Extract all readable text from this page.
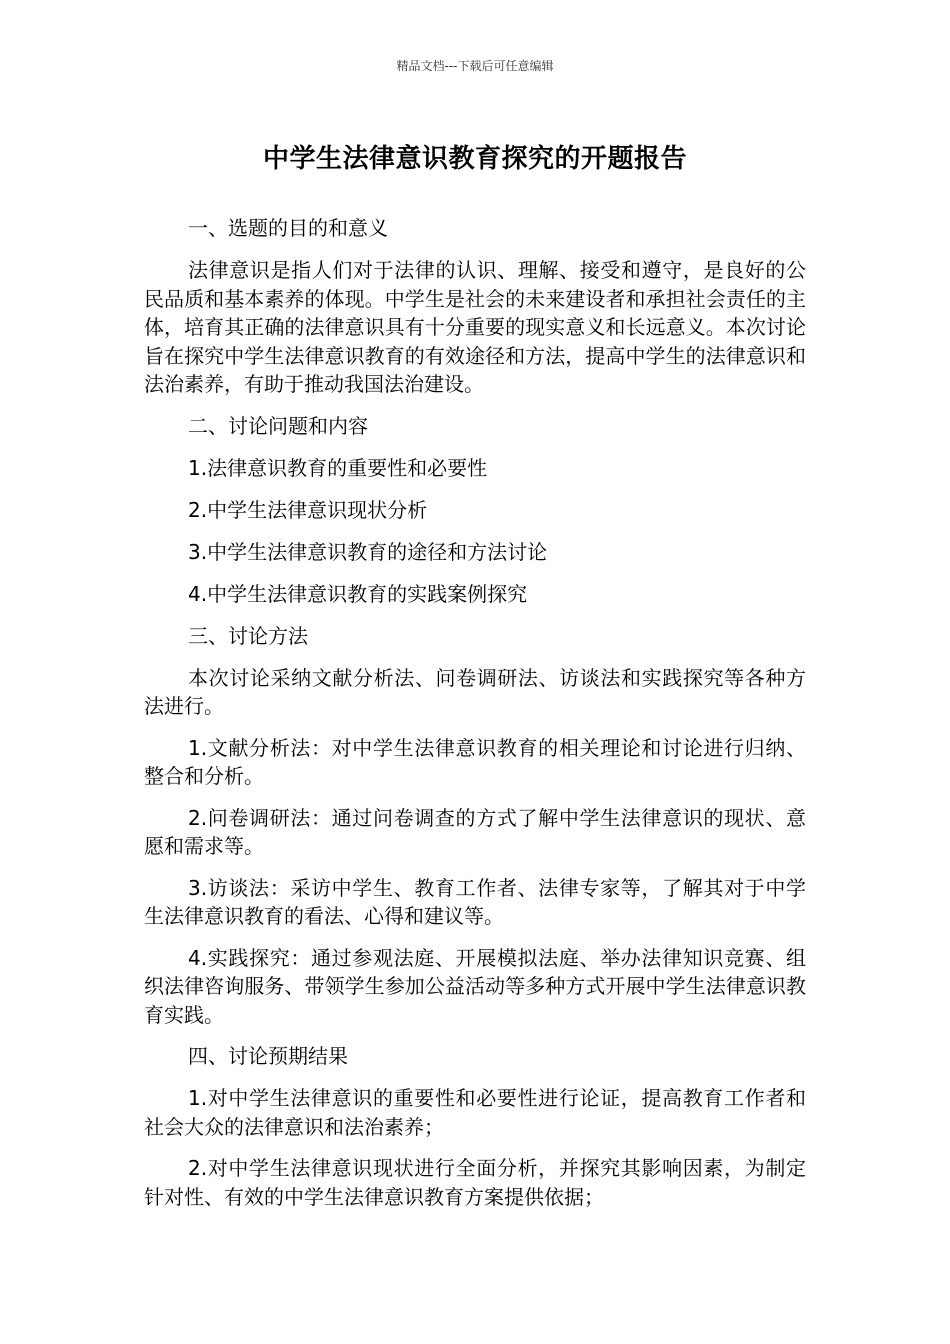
精品文档---下载后可任意编辑
中学生法律意识教育探究的开题报告

一、选题的目的和意义

法律意识是指人们对于法律的认识、理解、接受和遵守，是良好的公民品质和基本素养的体现。中学生是社会的未来建设者和承担社会责任的主体，培育其正确的法律意识具有十分重要的现实意义和长远意义。本次讨论旨在探究中学生法律意识教育的有效途径和方法，提高中学生的法律意识和法治素养，有助于推动我国法治建设。

二、讨论问题和内容

1.法律意识教育的重要性和必要性

2.中学生法律意识现状分析

3.中学生法律意识教育的途径和方法讨论

4.中学生法律意识教育的实践案例探究

三、讨论方法

本次讨论采纳文献分析法、问卷调研法、访谈法和实践探究等各种方法进行。

1.文献分析法：对中学生法律意识教育的相关理论和讨论进行归纳、整合和分析。

2.问卷调研法：通过问卷调查的方式了解中学生法律意识的现状、意愿和需求等。

3.访谈法：采访中学生、教育工作者、法律专家等，了解其对于中学生法律意识教育的看法、心得和建议等。

4.实践探究：通过参观法庭、开展模拟法庭、举办法律知识竞赛、组织法律咨询服务、带领学生参加公益活动等多种方式开展中学生法律意识教育实践。

四、讨论预期结果

1.对中学生法律意识的重要性和必要性进行论证，提高教育工作者和社会大众的法律意识和法治素养；

2.对中学生法律意识现状进行全面分析，并探究其影响因素，为制定针对性、有效的中学生法律意识教育方案提供依据；
